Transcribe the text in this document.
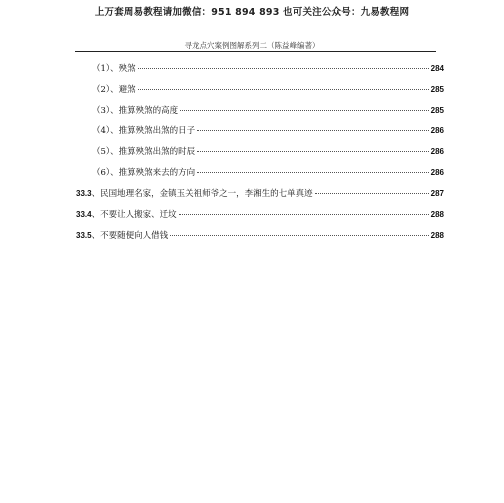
上万套周易教程请加微信：951 894 893 也可关注公众号：九易教程网
寻龙点穴案例图解系列二（陈益峰编著）
（1）、殃煞	284
（2）、避煞	285
（3）、推算殃煞的高度	285
（4）、推算殃煞出煞的日子	286
（5）、推算殃煞出煞的时辰	286
（6）、推算殃煞来去的方向	286
33.3、民国地理名家，金镇玉关祖师爷之一，李湘生的七单真迹	287
33.4、不要让人搬家、迁坟	288
33.5、不要随便向人借钱	288
